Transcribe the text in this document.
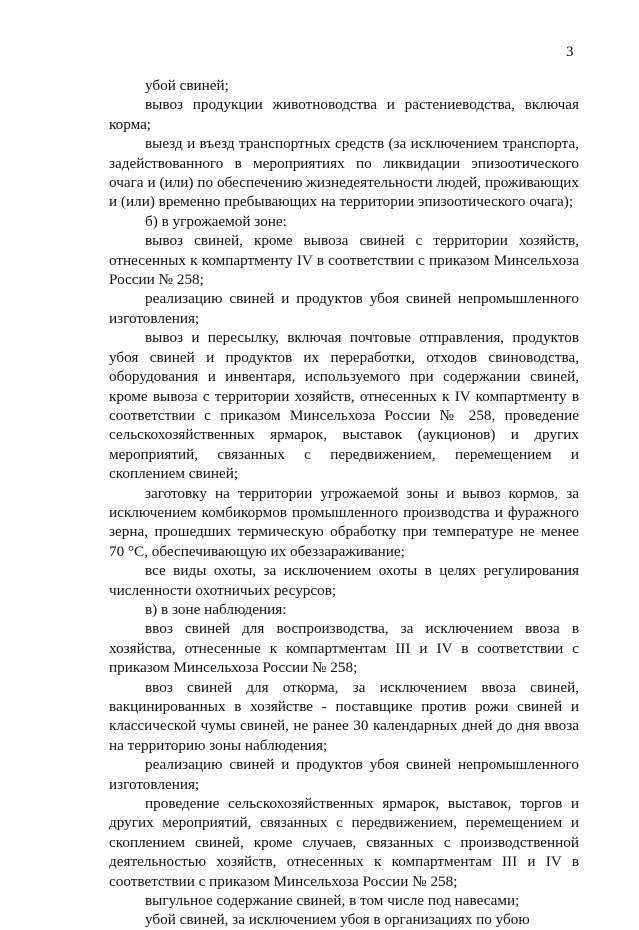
3

убой свиней;

вывоз продукции животноводства и растениеводства, включая корма;

выезд и въезд транспортных средств (за исключением транспорта, задействованного в мероприятиях по ликвидации эпизоотического очага и (или) по обеспечению жизнедеятельности людей, проживающих и (или) временно пребывающих на территории эпизоотического очага);

б) в угрожаемой зоне:

вывоз свиней, кроме вывоза свиней с территории хозяйств, отнесенных к компартменту IV в соответствии с приказом Минсельхоза России № 258;

реализацию свиней и продуктов убоя свиней непромышленного изготовления;

вывоз и пересылку, включая почтовые отправления, продуктов убоя свиней и продуктов их переработки, отходов свиноводства, оборудования и инвентаря, используемого при содержании свиней, кроме вывоза с территории хозяйств, отнесенных к IV компартменту в соответствии с приказом Минсельхоза России № 258, проведение сельскохозяйственных ярмарок, выставок (аукционов) и других мероприятий, связанных с передвижением, перемещением и скоплением свиней;

заготовку на территории угрожаемой зоны и вывоз кормов, за исключением комбикормов промышленного производства и фуражного зерна, прошедших термическую обработку при температуре не менее 70 °С, обеспечивающую их обеззараживание;

все виды охоты, за исключением охоты в целях регулирования численности охотничьих ресурсов;

в) в зоне наблюдения:

ввоз свиней для воспроизводства, за исключением ввоза в хозяйства, отнесенные к компартментам III и IV в соответствии с приказом Минсельхоза России № 258;

ввоз свиней для откорма, за исключением ввоза свиней, вакцинированных в хозяйстве - поставщике против рожи свиней и классической чумы свиней, не ранее 30 календарных дней до дня ввоза на территорию зоны наблюдения;

реализацию свиней и продуктов убоя свиней непромышленного изготовления;

проведение сельскохозяйственных ярмарок, выставок, торгов и других мероприятий, связанных с передвижением, перемещением и скоплением свиней, кроме случаев, связанных с производственной деятельностью хозяйств, отнесенных к компартментам III и IV в соответствии с приказом Минсельхоза России № 258;

выгульное содержание свиней, в том числе под навесами;

убой свиней, за исключением убоя в организациях по убою
